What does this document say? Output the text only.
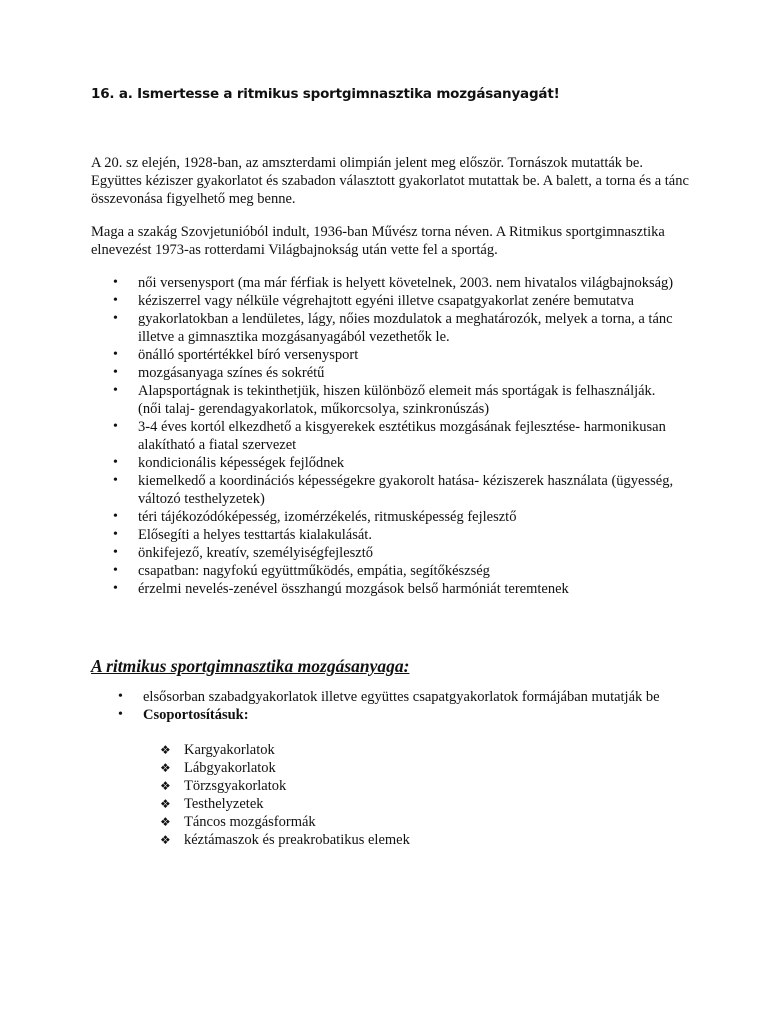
16. a. Ismertesse a ritmikus sportgimnasztika mozgásanyagát!

A 20. sz elején, 1928-ban, az amszterdami olimpián jelent meg először. Tornászok mutatták be. Együttes kéziszer gyakorlatot és szabadon választott gyakorlatot mutattak be. A balett, a torna és a tánc összevonása figyelhető meg benne.

Maga a szakág Szovjetunióból indult, 1936-ban Művész torna néven. A Ritmikus sportgimnasztika elnevezést 1973-as rotterdami Világbajnokság után vette fel a sportág.

• női versenysport (ma már férfiak is helyett követelnek, 2003. nem hivatalos világbajnokság)
• kéziszerrel vagy nélküle végrehajtott egyéni illetve csapatgyakorlat zenére bemutatva
• gyakorlatokban a lendületes, lágy, nőies mozdulatok a meghatározók, melyek a torna, a tánc illetve a gimnasztika mozgásanyagából vezethetők le.
• önálló sportértékkel bíró versenysport
• mozgásanyaga színes és sokrétű
• Alapsportágnak is tekinthetjük, hiszen különböző elemeit más sportágak is felhasználják. (női talaj- gerendagyakorlatok, műkorcsolya, szinkronúszás)
• 3-4 éves kortól elkezdhető a kisgyerekek esztétikus mozgásának fejlesztése- harmonikusan alakítható a fiatal szervezet
• kondicionális képességek fejlődnek
• kiemelkedő a koordinációs képességekre gyakorolt hatása- kéziszerek használata (ügyesség, változó testhelyzetek)
• téri tájékozódóképesség, izomérzékelés, ritmusképesség fejlesztő
• Elősegíti a helyes testtartás kialakulását.
• önkifejező, kreatív, személyiségfejlesztő
• csapatban: nagyfokú együttműködés, empátia, segítőkészség
• érzelmi nevelés-zenével összhangú mozgások belső harmóniát teremtenek
A ritmikus sportgimnasztika mozgásanyaga:
• elsősorban szabadgyakorlatok illetve együttes csapatgyakorlatok formájában mutatják be
• Csoportosításuk:
❖ Kargyakorlatok
❖ Lábgyakorlatok
❖ Törzsgyakorlatok
❖ Testhelyzetek
❖ Táncos mozgásformák
❖ kéztámaszok és preakrobatikus elemek
